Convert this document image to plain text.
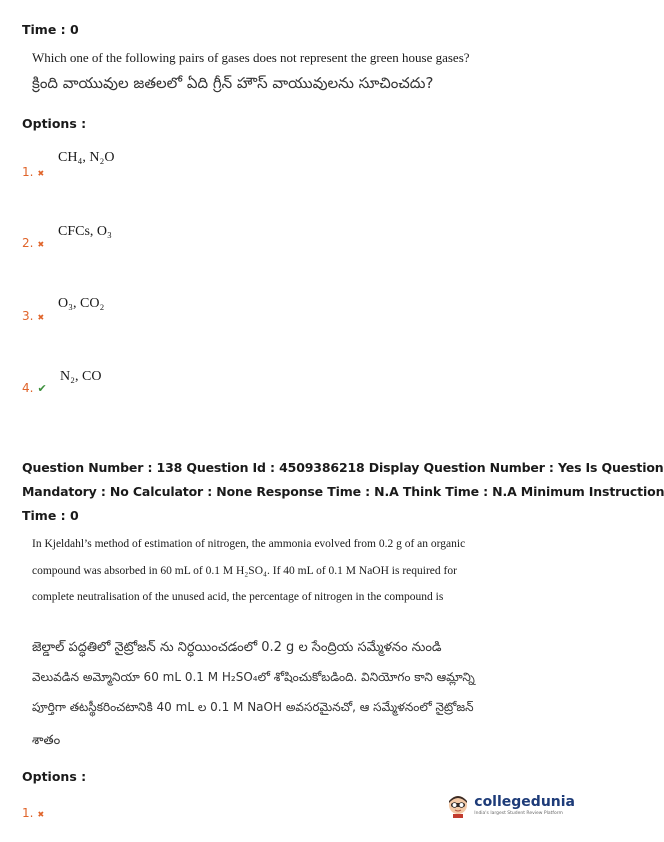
Time : 0
Which one of the following pairs of gases does not represent the green house gases?
క్రింది వాయువుల జతలలో ఏది గ్రీన్ హౌస్ వాయువులను సూచించదు?
Options :
CH₄, N₂O
1. ✖
CFCs, O₃
2. ✖
O₃, CO₂
3. ✖
N₂, CO
4. ✔
Question Number : 138 Question Id : 4509386218 Display Question Number : Yes Is Question
Mandatory : No Calculator : None Response Time : N.A Think Time : N.A Minimum Instruction
Time : 0
In Kjeldahl’s method of estimation of nitrogen, the ammonia evolved from 0.2 g of an organic
compound was absorbed in 60 mL of 0.1 M H₂SO₄. If 40 mL of 0.1 M NaOH is required for
complete neutralisation of the unused acid, the percentage of nitrogen in the compound is
జెల్డాల్ పద్ధతిలో నైట్రోజన్ ను నిర్ధయించడంలో 0.2 g ల సేంద్రియ సమ్మేళనం నుండి
వెలువడిన అమ్మోనియా 60 mL 0.1 M H₂SO₄లో శోషించుకోబడింది. వినియోగం కాని ఆమ్లాన్ని
పూర్తిగా తటస్థీకరించటానికి 40 mL ల 0.1 M NaOH అవసరమైనచో, ఆ సమ్మేళనంలో నైట్రోజన్
శాతం
Options :
1. ✖
collegedunia
India's largest Student Review Platform
